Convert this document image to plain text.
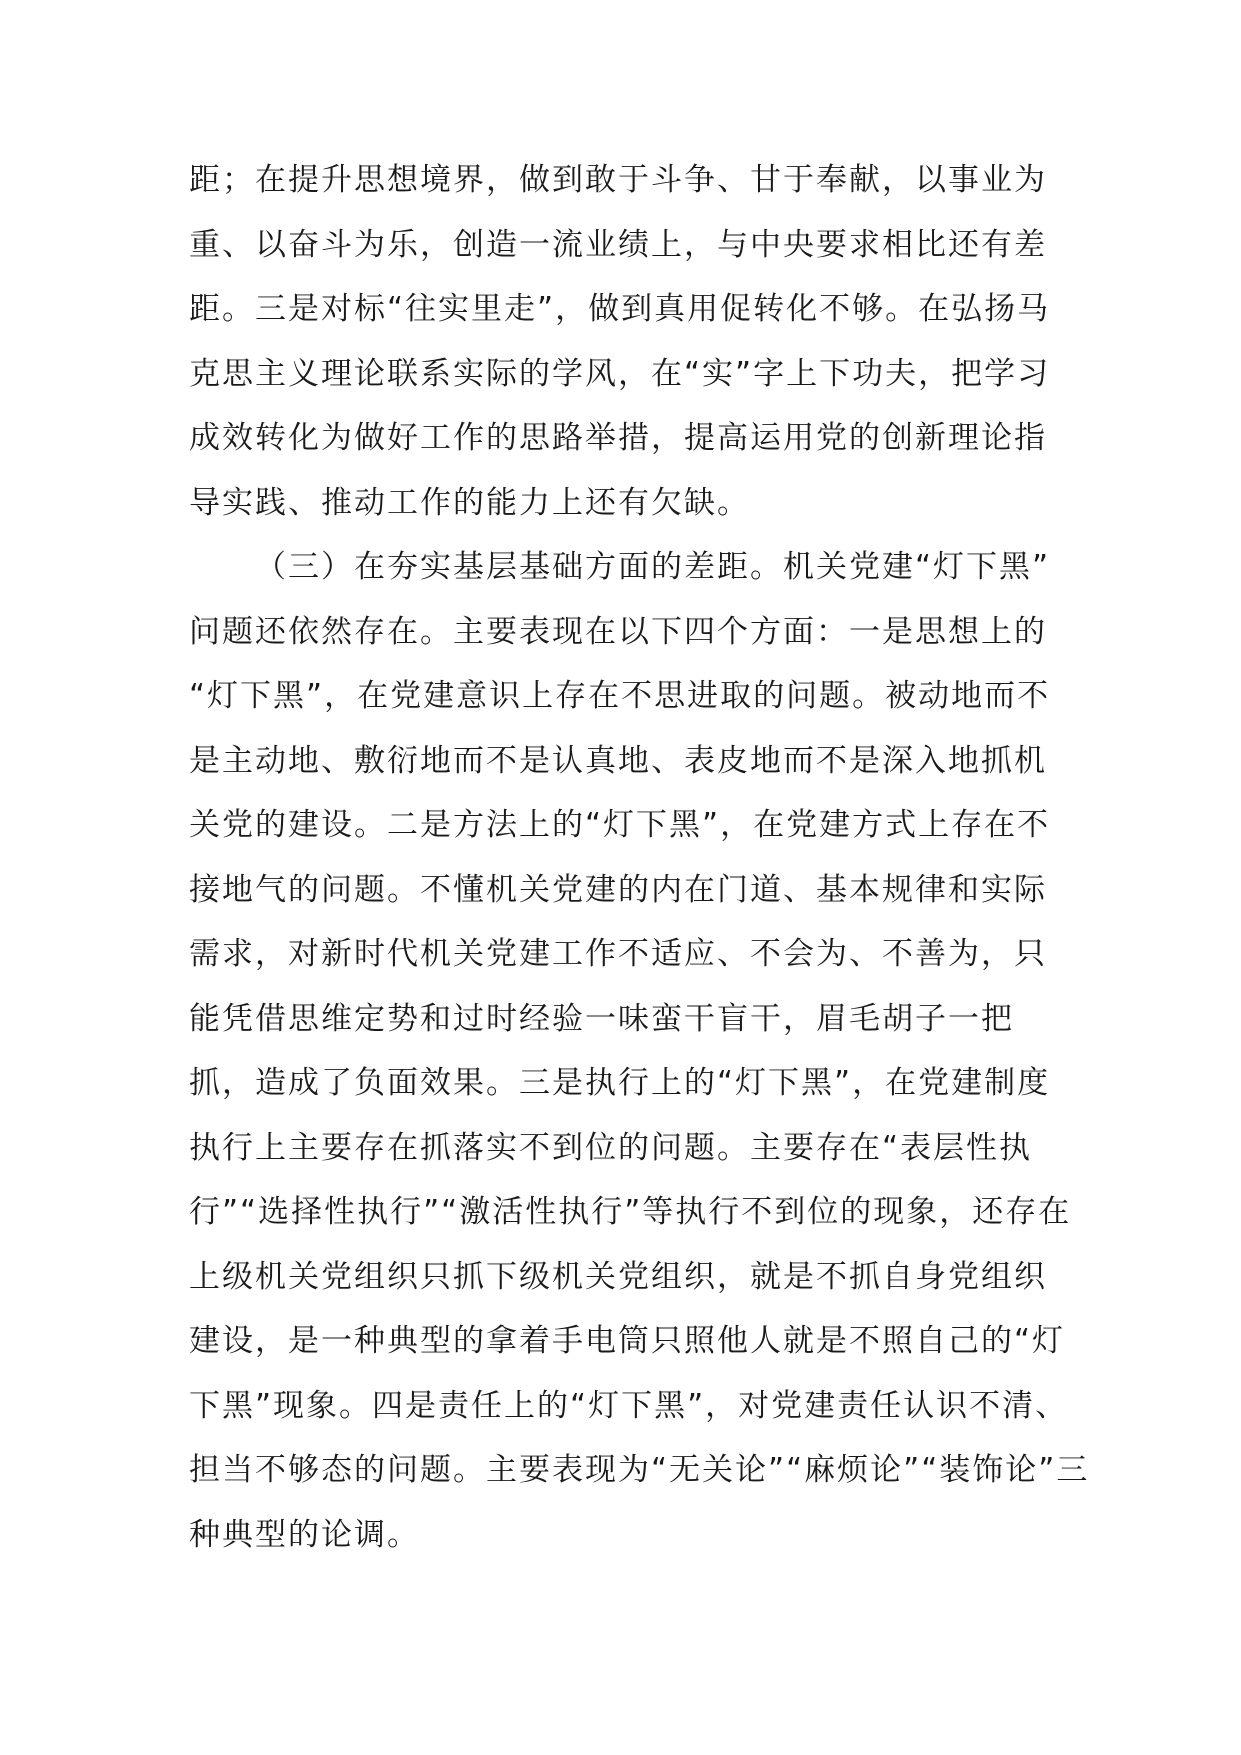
距；在提升思想境界，做到敢于斗争、甘于奉献，以事业为
重、以奋斗为乐，创造一流业绩上，与中央要求相比还有差
距。三是对标“往实里走”，做到真用促转化不够。在弘扬马
克思主义理论联系实际的学风，在“实”字上下功夫，把学习
成效转化为做好工作的思路举措，提高运用党的创新理论指
导实践、推动工作的能力上还有欠缺。
（三）在夯实基层基础方面的差距。机关党建“灯下黑”
问题还依然存在。主要表现在以下四个方面：一是思想上的
“灯下黑”，在党建意识上存在不思进取的问题。被动地而不
是主动地、敷衍地而不是认真地、表皮地而不是深入地抓机
关党的建设。二是方法上的“灯下黑”，在党建方式上存在不
接地气的问题。不懂机关党建的内在门道、基本规律和实际
需求，对新时代机关党建工作不适应、不会为、不善为，只
能凭借思维定势和过时经验一味蛮干盲干，眉毛胡子一把
抓，造成了负面效果。三是执行上的“灯下黑”，在党建制度
执行上主要存在抓落实不到位的问题。主要存在“表层性执
行”“选择性执行”“激活性执行”等执行不到位的现象，还存在
上级机关党组织只抓下级机关党组织，就是不抓自身党组织
建设，是一种典型的拿着手电筒只照他人就是不照自己的“灯
下黑”现象。四是责任上的“灯下黑”，对党建责任认识不清、
担当不够态的问题。主要表现为“无关论”“麻烦论”“装饰论”三
种典型的论调。
